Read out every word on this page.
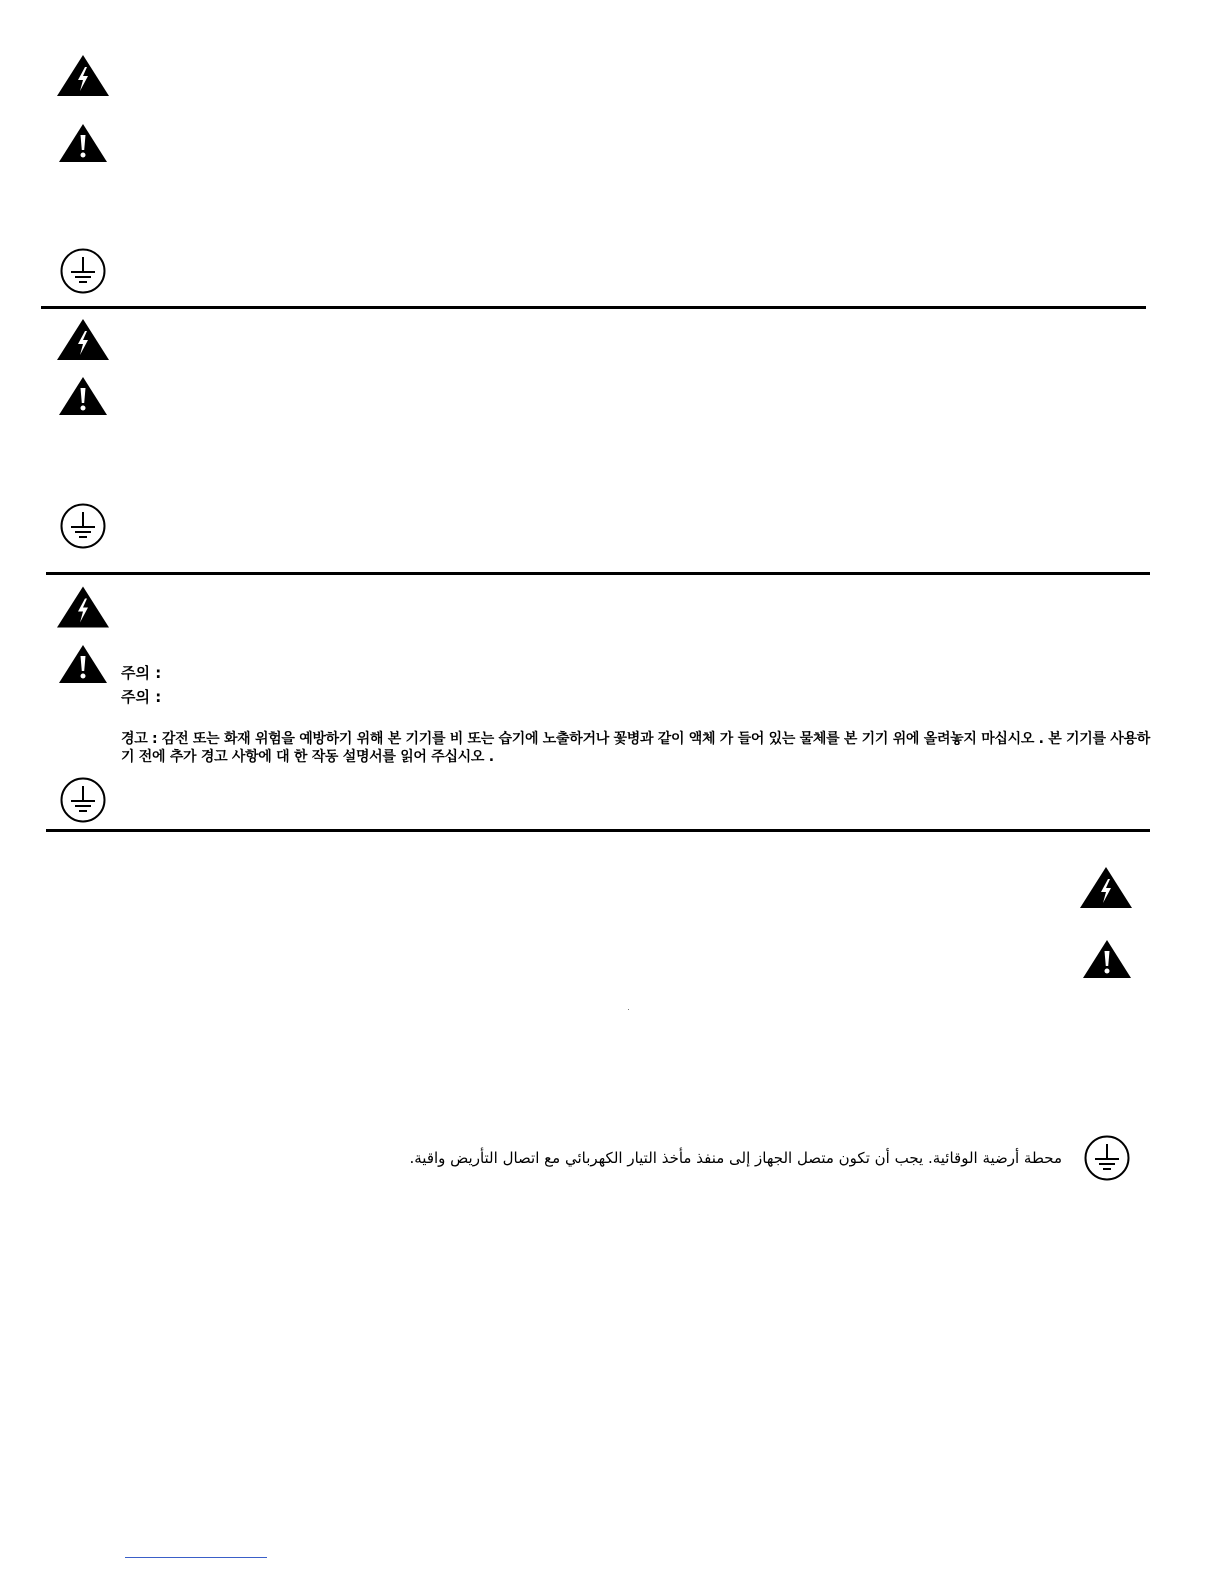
주의 :
주의 :
경고 : 감전 또는 화재 위험을 예방하기 위해 본 기기를 비 또는 습기에 노출하거나 꽃병과 같이 액체 가 들어 있는 물체를 본 기기 위에 올려놓지 마십시오 . 본 기기를 사용하기 전에 추가 경고 사항에 대 한 작동 설명서를 읽어 주십시오 .
محطة أرضية الوقائية. يجب أن تكون متصل الجهاز إلى منفذ مأخذ التيار الكهربائي مع اتصال التأريض واقية.
